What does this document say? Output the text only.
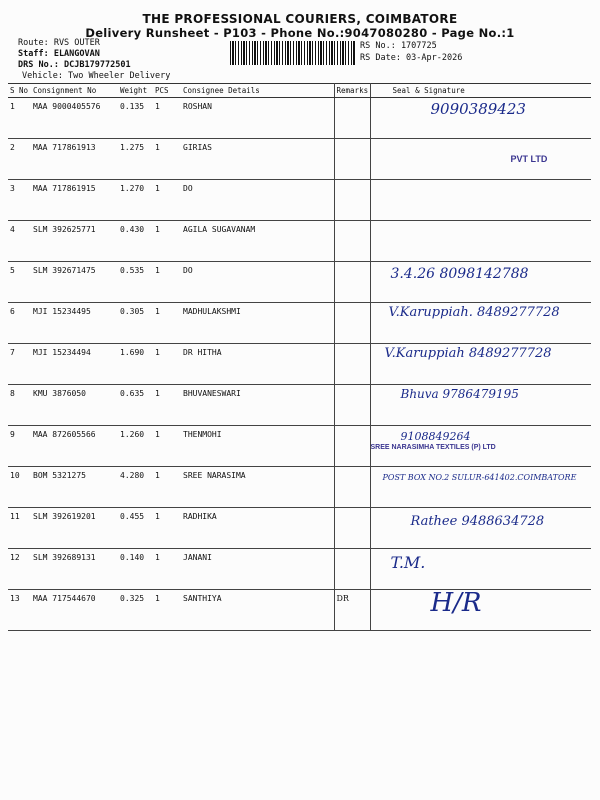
THE PROFESSIONAL COURIERS, COIMBATORE
Delivery Runsheet - P103 - Phone No.:9047080280 - Page No.:1
Route: RVS OUTER
Staff: ELANGOVAN
DRS No.: DCJB179772501
Vehicle: Two Wheeler Delivery
RS No.: 1707725
RS Date: 03-Apr-2026
S No	Consignment No	Weight	PCS	Consignee Details	Remarks	Seal & Signature
1	MAA 9000405576	0.135	1	ROSHAN		9090389423

2	MAA 717861913	1.275	1	GIRIAS		

3	MAA 717861915	1.270	1	DO		PVT LTD

4	SLM 392625771	0.430	1	AGILA SUGAVANAM		

5	SLM 392671475	0.535	1	DO		3.4.26 8098142788

6	MJI 15234495	0.305	1	MADHULAKSHMI		V.Karuppiah. 8489277728

7	MJI 15234494	1.690	1	DR HITHA		V.Karuppiah 8489277728

8	KMU 3876050	0.635	1	BHUVANESWARI		Bhuva 9786479195

9	MAA 872605566	1.260	1	THENMOHI		9108849264
SREE NARASIMHA TEXTILES (P) LTD

10	BOM 5321275	4.280	1	SREE NARASIMA		POST BOX NO.2 SULUR-641402.COIMBATORE

11	SLM 392619201	0.455	1	RADHIKA		Rathee 9488634728

12	SLM 392689131	0.140	1	JANANI		T.M.

13	MAA 717544670	0.325	1	SANTHIYA	DR	H/R
